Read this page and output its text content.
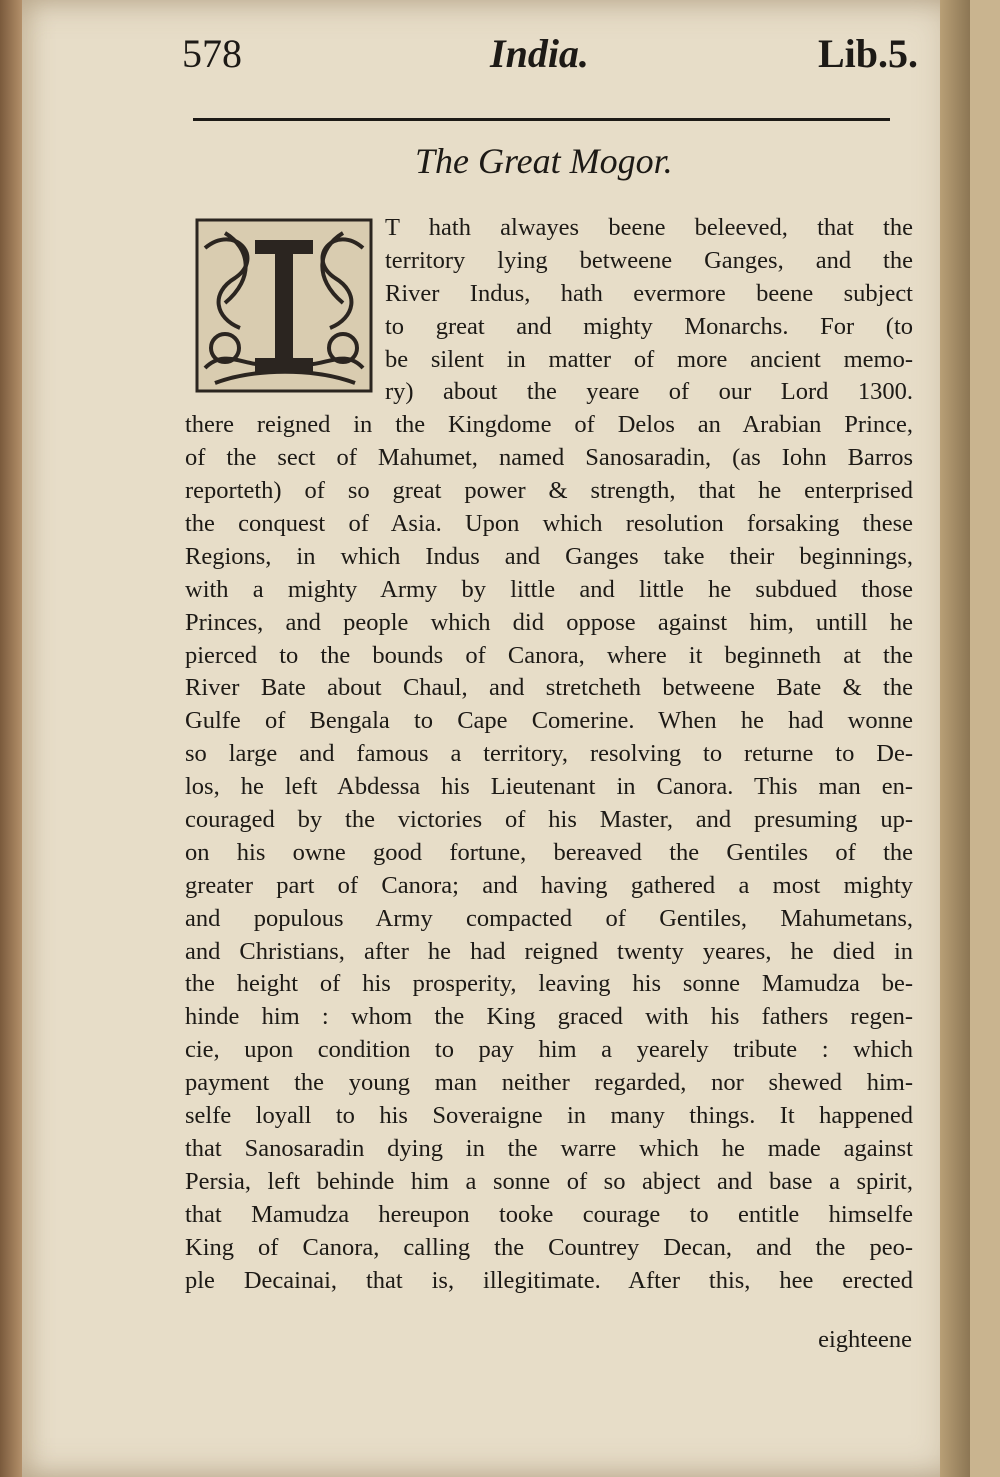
578	India.	Lib.5.
The Great Mogor.
T hath alwayes beene beleeved, that the
territory lying betweene Ganges, and the
River Indus, hath evermore beene subject
to great and mighty Monarchs. For (to
be silent in matter of more ancient memo-
ry) about the yeare of our Lord 1300.
there reigned in the Kingdome of Delos an Arabian Prince,
of the sect of Mahumet, named Sanosaradin, (as Iohn Barros
reporteth) of so great power & strength, that he enterprised
the conquest of Asia. Upon which resolution forsaking these
Regions, in which Indus and Ganges take their beginnings,
with a mighty Army by little and little he subdued those
Princes, and people which did oppose against him, untill he
pierced to the bounds of Canora, where it beginneth at the
River Bate about Chaul, and stretcheth betweene Bate & the
Gulfe of Bengala to Cape Comerine. When he had wonne
so large and famous a territory, resolving to returne to De-
los, he left Abdessa his Lieutenant in Canora. This man en-
couraged by the victories of his Master, and presuming up-
on his owne good fortune, bereaved the Gentiles of the
greater part of Canora; and having gathered a most mighty
and populous Army compacted of Gentiles, Mahumetans,
and Christians, after he had reigned twenty yeares, he died in
the height of his prosperity, leaving his sonne Mamudza be-
hinde him : whom the King graced with his fathers regen-
cie, upon condition to pay him a yearely tribute : which
payment the young man neither regarded, nor shewed him-
selfe loyall to his Soveraigne in many things. It happened
that Sanosaradin dying in the warre which he made against
Persia, left behinde him a sonne of so abject and base a spirit,
that Mamudza hereupon tooke courage to entitle himselfe
King of Canora, calling the Countrey Decan, and the peo-
ple Decainai, that is, illegitimate. After this, hee erected
eighteene
